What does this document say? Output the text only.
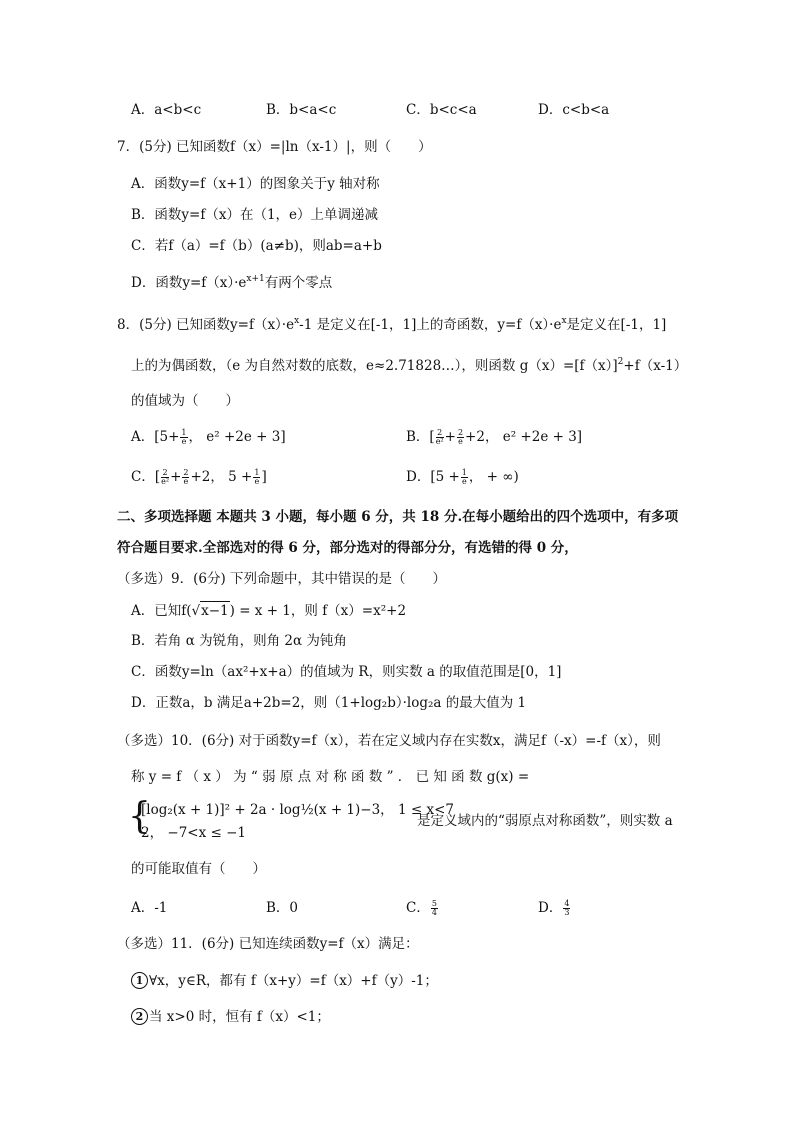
A．a<b<c	B．b<a<c	C．b<c<a	D．c<b<a
7．(5分) 已知函数f（x）=|ln（x-1）|，则（　　）
A．函数y=f（x+1）的图象关于y 轴对称
B．函数y=f（x）在（1，e）上单调递减
C．若f（a）=f（b）(a≠b)，则ab=a+b
D．函数$y=f(x)\cdot e^{x+1}$有两个零点
8．(5分) 已知函数$y=f(x)\cdot e^x-1$ 是定义在[-1，1]上的奇函数，$y=f(x)\cdot e^x$是定义在[-1，1]
上的为偶函数，（e 为自然对数的底数，e≈2.71828…），则函数 $g(x)=[f(x)]^2+f(x-1)$
的值域为（　　）
A．[$5+ \frac{1}{e}$ ， e² +2e + 3]	B．[ $\frac{2}{\text{e²}} + \frac{2}{e} +2$， e² +2e + 3]
C．[ $\frac{2}{\text{e²}} + \frac{2}{e} +2$， $5 + \frac{1}{e}$ ]	D．[$5 + \frac{1}{e}$ ， + ∞)
二、多项选择题 本题共 3 小题，每小题 6 分，共 18 分.在每小题给出的四个选项中，有多项
符合题目要求.全部选对的得 6 分，部分选对的得部分分，有选错的得 0 分，
（多选）9．(6分) 下列命题中，其中错误的是（　　）
A．已知f(√x−1) = x + 1，则 f（x）=x²+2
B．若角 α 为锐角，则角 2α 为钝角
C．函数y=ln（ax²+x+a）的值域为 R，则实数 a 的取值范围是[0，1]
D．正数a，b 满足a+2b=2，则（1+log₂b）·log₂a 的最大值为 1
（多选）10．(6分) 对于函数y=f（x），若在定义域内存在实数x，满足f（-x）=-f（x），则
称 y = f （ x ） 为 “ 弱 原 点 对 称 函 数 ” ． 已 知 函 数 g(x) =
{
[log₂(x + 1)]² + 2a · log½(x + 1)−3， 1 ≤ x<7
2， −7<x ≤ −1
是定义域内的“弱原点对称函数”，则实数 a
的可能取值有（　　）
A．-1	B．0	C． $\frac{5}{4}$	D． $\frac{4}{3}$
（多选）11．(6分) 已知连续函数y=f（x）满足：
1 ∀x，y∈R，都有 f（x+y）=f（x）+f（y）-1；
2 当 x>0 时，恒有 f（x）<1；
